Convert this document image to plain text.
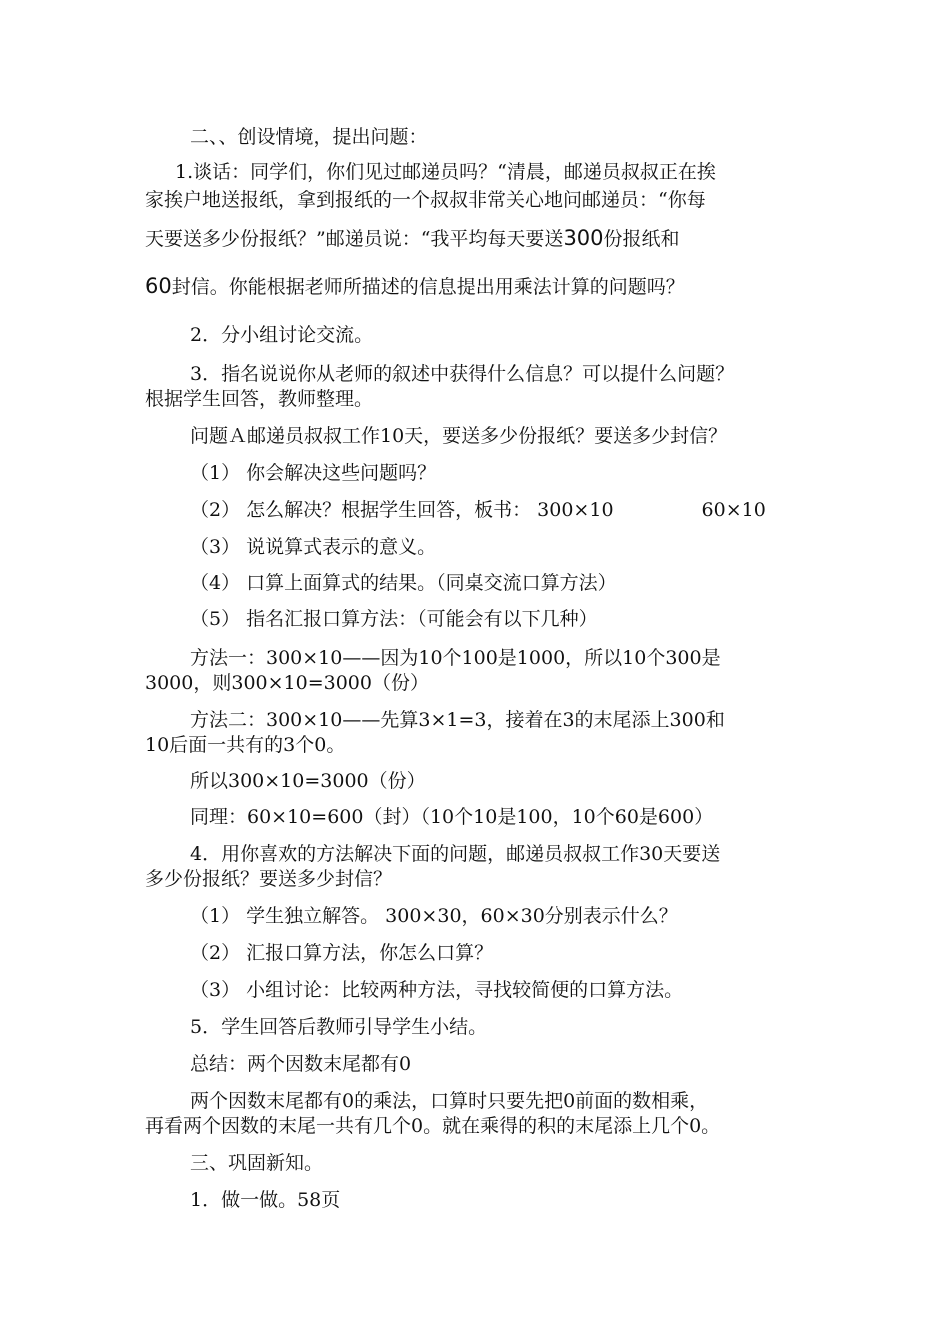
二、、创设情境，提出问题：
1.谈话：同学们，你们见过邮递员吗？“清晨，邮递员叔叔正在挨
家挨户地送报纸，拿到报纸的一个叔叔非常关心地问邮递员：“你每
天要送多少份报纸？”邮递员说：“我平均每天要送300份报纸和
60封信。你能根据老师所描述的信息提出用乘法计算的问题吗？
2．分小组讨论交流。
3．指名说说你从老师的叙述中获得什么信息？可以提什么问题？
根据学生回答，教师整理。
问题Ａ邮递员叔叔工作10天，要送多少份报纸？要送多少封信？
（1） 你会解决这些问题吗？
（2） 怎么解决？根据学生回答，板书： 300×10	60×10
（3） 说说算式表示的意义。
（4） 口算上面算式的结果。（同桌交流口算方法）
（5） 指名汇报口算方法：（可能会有以下几种）
方法一：300×10——因为10个100是1000，所以10个300是
3000，则300×10=3000（份）
方法二：300×10——先算3×1=3，接着在3的末尾添上300和
10后面一共有的3个0。
所以300×10=3000（份）
同理：60×10=600（封）（10个10是100，10个60是600）
4．用你喜欢的方法解决下面的问题，邮递员叔叔工作30天要送
多少份报纸？要送多少封信？
（1） 学生独立解答。 300×30，60×30分别表示什么？
（2） 汇报口算方法，你怎么口算？
（3） 小组讨论：比较两种方法，寻找较简便的口算方法。
5．学生回答后教师引导学生小结。
总结：两个因数末尾都有0
两个因数末尾都有0的乘法，口算时只要先把0前面的数相乘，
再看两个因数的末尾一共有几个0。就在乘得的积的末尾添上几个0。
三、巩固新知。
1．做一做。58页
